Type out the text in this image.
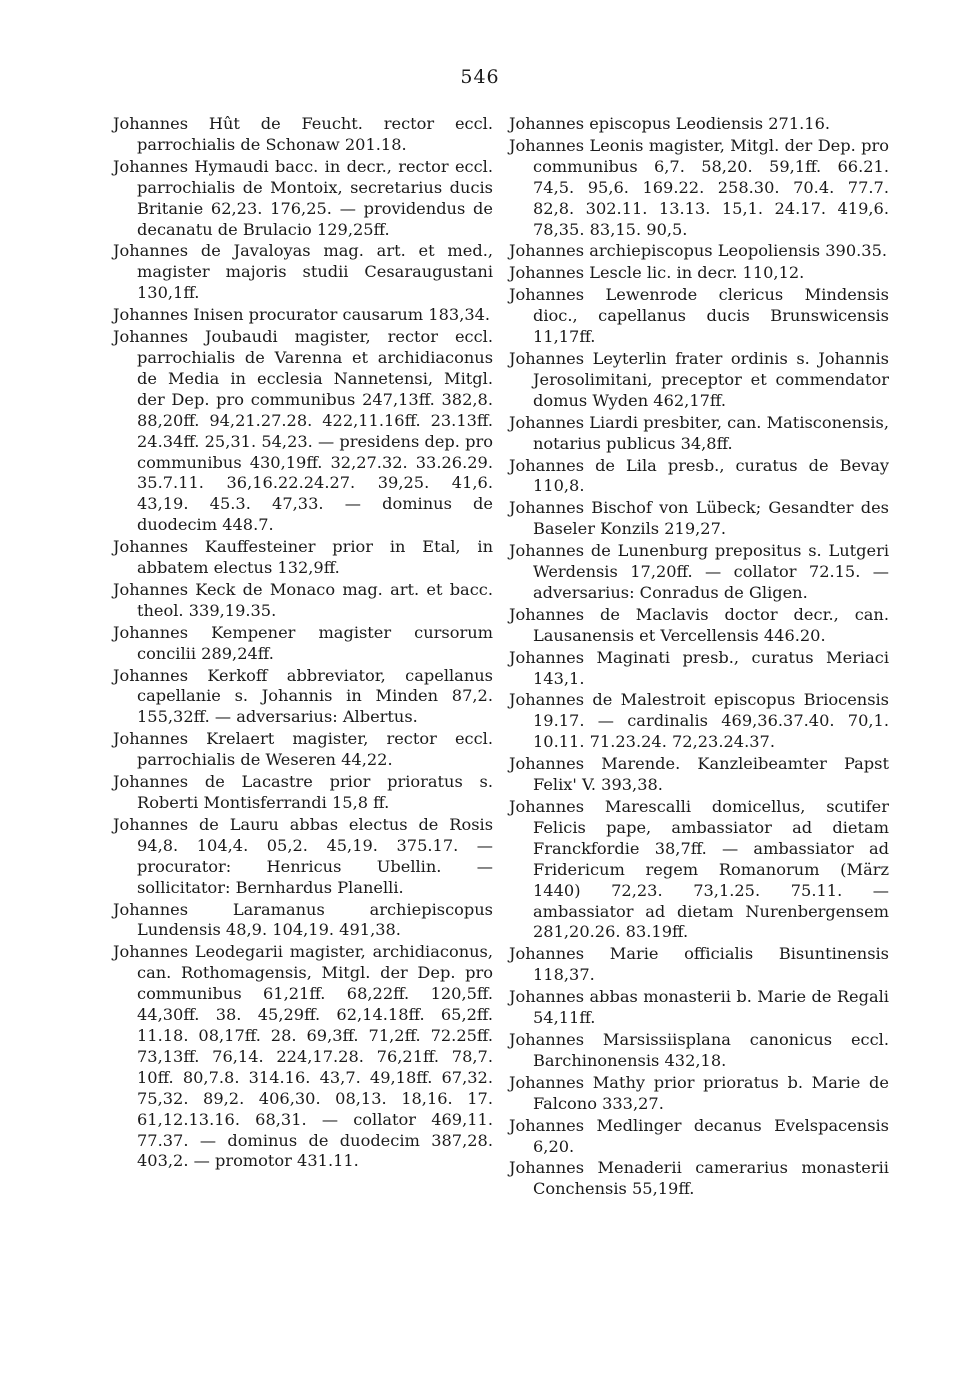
546

Johannes Hût de Feucht. rector eccl. parrochialis de Schonaw 201.18.

Johannes Hymaudi bacc. in decr., rector eccl. parrochialis de Montoix, secretarius ducis Britanie 62,23. 176,25. — providendus de decanatu de Brulacio 129,25ff.

Johannes de Javaloyas mag. art. et med., magister majoris studii Cesaraugustani 130,1ff.

Johannes Inisen procurator causarum 183,34.

Johannes Joubaudi magister, rector eccl. parrochialis de Varenna et archidiaconus de Media in ecclesia Nannetensi, Mitgl. der Dep. pro communibus 247,13ff. 382,8. 88,20ff. 94,21.27.28. 422,11.16ff. 23.13ff. 24.34ff. 25,31. 54,23. — presidens dep. pro communibus 430,19ff. 32,27.32. 33.26.29. 35.7.11. 36,16.22.24.27. 39,25. 41,6. 43,19. 45.3. 47,33. — dominus de duodecim 448.7.

Johannes Kauffesteiner prior in Etal, in abbatem electus 132,9ff.

Johannes Keck de Monaco mag. art. et bacc. theol. 339,19.35.

Johannes Kempener magister cursorum concilii 289,24ff.

Johannes Kerkoff abbreviator, capellanus capellanie s. Johannis in Minden 87,2. 155,32ff. — adversarius: Albertus.

Johannes Krelaert magister, rector eccl. parrochialis de Weseren 44,22.

Johannes de Lacastre prior prioratus s. Roberti Montisferrandi 15,8 ff.

Johannes de Lauru abbas electus de Rosis 94,8. 104,4. 05,2. 45,19. 375.17. — procurator: Henricus Ubellin. — sollicitator: Bernhardus Planelli.

Johannes Laramanus	archiepiscopus Lundensis 48,9. 104,19. 491,38.

Johannes Leodegarii magister, archidiaconus, can. Rothomagensis, Mitgl. der Dep. pro communibus 61,21ff. 68,22ff. 120,5ff. 44,30ff. 38. 45,29ff. 62,14.18ff. 65,2ff. 11.18. 08,17ff. 28. 69,3ff. 71,2ff. 72.25ff. 73,13ff. 76,14. 224,17.28. 76,21ff. 78,7. 10ff. 80,7.8. 314.16. 43,7. 49,18ff. 67,32. 75,32. 89,2. 406,30. 08,13. 18,16. 17. 61,12.13.16. 68,31. — collator 469,11. 77.37. — dominus de duodecim 387,28. 403,2. — promotor 431.11.

Johannes episcopus Leodiensis 271.16.

Johannes Leonis magister, Mitgl. der Dep. pro communibus 6,7. 58,20. 59,1ff. 66.21. 74,5. 95,6. 169.22. 258.30. 70.4. 77.7. 82,8. 302.11. 13.13. 15,1. 24.17. 419,6. 78,35. 83,15. 90,5.

Johannes archiepiscopus Leopoliensis 390.35.

Johannes Lescle lic. in decr. 110,12.

Johannes Lewenrode clericus Mindensis dioc., capellanus ducis Brunswicensis 11,17ff.

Johannes Leyterlin frater ordinis s. Johannis Jerosolimitani, preceptor et commendator domus Wyden 462,17ff.

Johannes Liardi presbiter, can. Matisconensis, notarius publicus 34,8ff.

Johannes de Lila presb., curatus de Bevay 110,8.

Johannes Bischof von Lübeck; Gesandter des Baseler Konzils 219,27.

Johannes de Lunenburg prepositus s. Lutgeri Werdensis 17,20ff. — collator 72.15. — adversarius: Conradus de Gligen.

Johannes de Maclavis doctor decr., can. Lausanensis et Vercellensis 446.20.

Johannes Maginati presb., curatus Meriaci 143,1.

Johannes de Malestroit episcopus Briocensis 19.17. — cardinalis 469,36.37.40. 70,1. 10.11. 71.23.24. 72,23.24.37.

Johannes Marende. Kanzleibeamter Papst Felix' V. 393,38.

Johannes Marescalli domicellus, scutifer Felicis pape, ambassiator ad dietam Franckfordie 38,7ff. — ambassiator ad Fridericum regem Romanorum (März 1440) 72,23. 73,1.25. 75.11. — ambassiator ad dietam Nurenbergensem 281,20.26. 83.19ff.

Johannes Marie officialis Bisuntinensis 118,37.

Johannes abbas monasterii b. Marie de Regali 54,11ff.

Johannes Marsissiisplana canonicus eccl. Barchinonensis 432,18.

Johannes Mathy prior prioratus b. Marie de Falcono 333,27.

Johannes Medlinger decanus Evelspacensis 6,20.

Johannes Menaderii camerarius monasterii Conchensis 55,19ff.
